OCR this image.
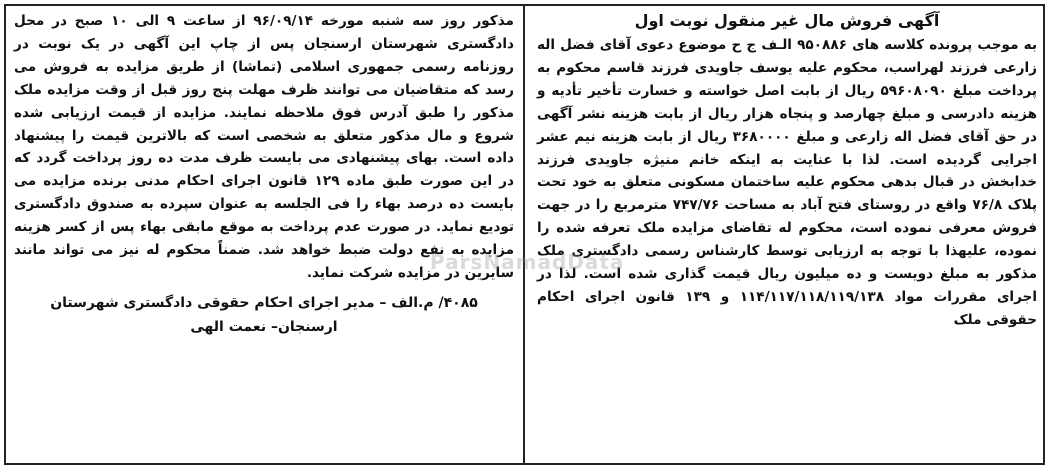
آگهی فروش مال غیر منقول نوبت اول

به موجب پرونده کلاسه های ۹۵۰۸۸۶ الـف ج ح موضوع دعوی آقای فضل اله زارعی فرزند لهراسب، محکوم علیه یوسف جاویدی فرزند قاسم محکوم به پرداخت مبلغ ۵۹۶۰۸۰۹۰ ریال از بابت اصل خواسته و خسارت تأخیر تأدیه و هزینه دادرسی و مبلغ چهارصد و پنجاه هزار ریال از بابت هزینه نشر آگهی در حق آقای فضل اله زارعی و مبلغ ۳۶۸۰۰۰۰ ریال از بابت هزینه نیم عشر اجرایی گردیده است. لذا با عنایت به اینکه خانم منیژه جاویدی فرزند خدابخش در قبال بدهی محکوم علیه ساختمان مسکونی متعلق به خود تحت پلاک ۷۶/۸ واقع در روستای فتح آباد به مساحت ۷۴۷/۷۶ مترمربع را در جهت فروش معرفی نموده است، محکوم له تقاضای مزایده ملک تعرفه شده را نموده، علیهذا با توجه به ارزیابی توسط کارشناس رسمی دادگستری ملک مذکور به مبلغ دویست و ده میلیون ریال قیمت گذاری شده است. لذا در اجرای مقررات مواد ۱۱۴/۱۱۷/۱۱۸/۱۱۹/۱۳۸ و ۱۳۹ قانون اجرای احکام حقوقی ملک

مذکور روز سه شنبه مورخه ۹۶/۰۹/۱۴ از ساعت ۹ الی ۱۰ صبح در محل دادگستری شهرستان ارسنجان پس از چاپ این آگهی در یک نوبت در روزنامه رسمی جمهوری اسلامی (تماشا) از طریق مزایده به فروش می رسد که متقاضیان می توانند ظرف مهلت پنج روز قبل از وقت مزایده ملک مذکور را طبق آدرس فوق ملاحظه نمایند. مزایده از قیمت ارزیابی شده شروع و مال مذکور متعلق به شخصی است که بالاترین قیمت را پیشنهاد داده است. بهای پیشنهادی می بایست ظرف مدت ده روز پرداخت گردد که در این صورت طبق ماده ۱۲۹ قانون اجرای احکام مدنی برنده مزایده می بایست ده درصد بهاء را فی الجلسه به عنوان سپرده به صندوق دادگستری تودیع نماید. در صورت عدم پرداخت به موقع مابقی بهاء پس از کسر هزینه مزایده به نفع دولت ضبط خواهد شد. ضمناً محکوم له نیز می تواند مانند سایرین در مزایده شرکت نماید.

۴۰۸۵/ م.الف – مدیر اجرای احکام حقوقی دادگستری شهرستان
ارسنجان– نعمت الهی
ParsNamadData
